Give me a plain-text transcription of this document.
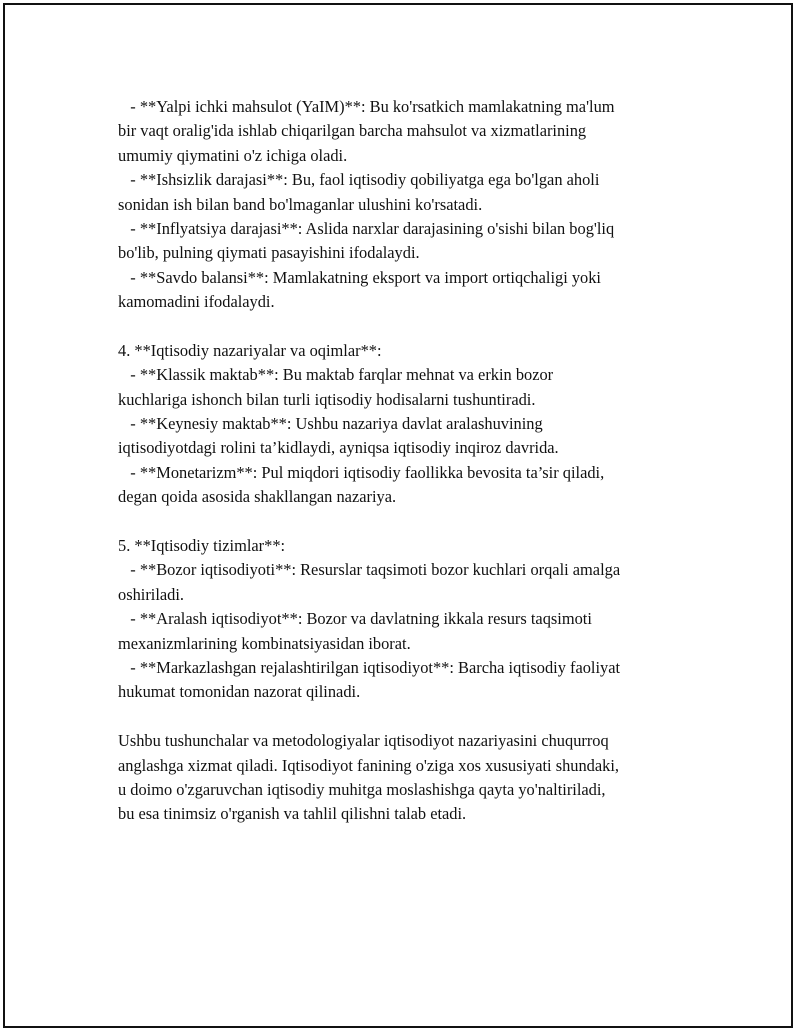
- **Yalpi ichki mahsulot (YaIM)**: Bu ko'rsatkich mamlakatning ma'lum
bir vaqt oralig'ida ishlab chiqarilgan barcha mahsulot va xizmatlarining
umumiy qiymatini o'z ichiga oladi.
- **Ishsizlik darajasi**: Bu, faol iqtisodiy qobiliyatga ega bo'lgan aholi
sonidan ish bilan band bo'lmaganlar ulushini ko'rsatadi.
- **Inflyatsiya darajasi**: Aslida narxlar darajasining o'sishi bilan bog'liq
bo'lib, pulning qiymati pasayishini ifodalaydi.
- **Savdo balansi**: Mamlakatning eksport va import ortiqchaligi yoki
kamomadini ifodalaydi.
4. **Iqtisodiy nazariyalar va oqimlar**:
- **Klassik maktab**: Bu maktab farqlar mehnat va erkin bozor
kuchlariga ishonch bilan turli iqtisodiy hodisalarni tushuntiradi.
- **Keynesiy maktab**: Ushbu nazariya davlat aralashuvining
iqtisodiyotdagi rolini ta’kidlaydi, ayniqsa iqtisodiy inqiroz davrida.
- **Monetarizm**: Pul miqdori iqtisodiy faollikka bevosita ta’sir qiladi,
degan qoida asosida shakllangan nazariya.
5. **Iqtisodiy tizimlar**:
- **Bozor iqtisodiyoti**: Resurslar taqsimoti bozor kuchlari orqali amalga
oshiriladi.
- **Aralash iqtisodiyot**: Bozor va davlatning ikkala resurs taqsimoti
mexanizmlarining kombinatsiyasidan iborat.
- **Markazlashgan rejalashtirilgan iqtisodiyot**: Barcha iqtisodiy faoliyat
hukumat tomonidan nazorat qilinadi.
Ushbu tushunchalar va metodologiyalar iqtisodiyot nazariyasini chuqurroq
anglashga xizmat qiladi. Iqtisodiyot fanining o'ziga xos xususiyati shundaki,
u doimo o'zgaruvchan iqtisodiy muhitga moslashishga qayta yo'naltiriladi,
bu esa tinimsiz o'rganish va tahlil qilishni talab etadi.
